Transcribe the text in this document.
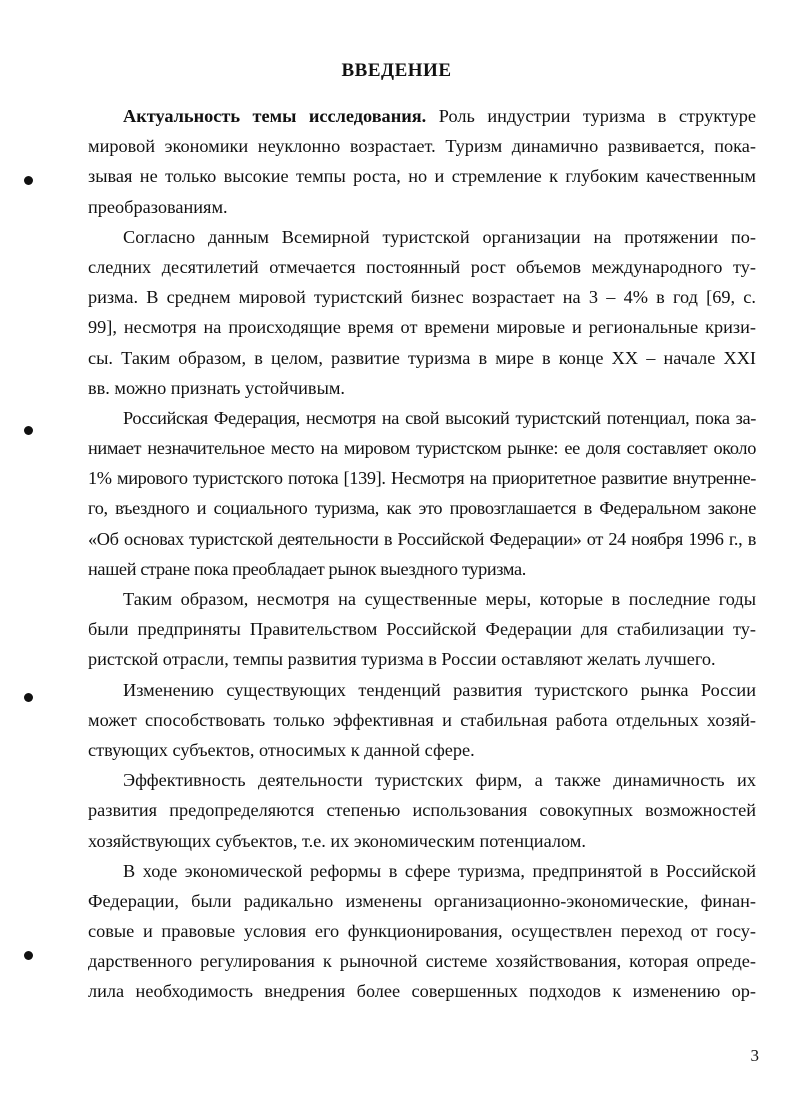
ВВЕДЕНИЕ
Актуальность темы исследования. Роль индустрии туризма в структуре
мировой экономики неуклонно возрастает. Туризм динамично развивается, пока-
зывая не только высокие темпы роста, но и стремление к глубоким качественным
преобразованиям.
Согласно данным Всемирной туристской организации на протяжении по-
следних десятилетий отмечается постоянный рост объемов международного ту-
ризма. В среднем мировой туристский бизнес возрастает на 3 – 4% в год [69, с.
99], несмотря на происходящие время от времени мировые и региональные кризи-
сы. Таким образом, в целом, развитие туризма в мире в конце XX – начале XXI
вв. можно признать устойчивым.
Российская Федерация, несмотря на свой высокий туристский потенциал, пока за-
нимает незначительное место на мировом туристском рынке: ее доля составляет около
1% мирового туристского потока [139]. Несмотря на приоритетное развитие внутренне-
го, въездного и социального туризма, как это провозглашается в Федеральном законе
«Об основах туристской деятельности в Российской Федерации» от 24 ноября 1996 г., в
нашей стране пока преобладает рынок выездного туризма.
Таким образом, несмотря на существенные меры, которые в последние годы
были предприняты Правительством Российской Федерации для стабилизации ту-
ристской отрасли, темпы развития туризма в России оставляют желать лучшего.
Изменению существующих тенденций развития туристского рынка России
может способствовать только эффективная и стабильная работа отдельных хозяй-
ствующих субъектов, относимых к данной сфере.
Эффективность деятельности туристских фирм, а также динамичность их
развития предопределяются степенью использования совокупных возможностей
хозяйствующих субъектов, т.е. их экономическим потенциалом.
В ходе экономической реформы в сфере туризма, предпринятой в Российской
Федерации, были радикально изменены организационно-экономические, финан-
совые и правовые условия его функционирования, осуществлен переход от госу-
дарственного регулирования к рыночной системе хозяйствования, которая опреде-
лила необходимость внедрения более совершенных подходов к изменению ор-
3
